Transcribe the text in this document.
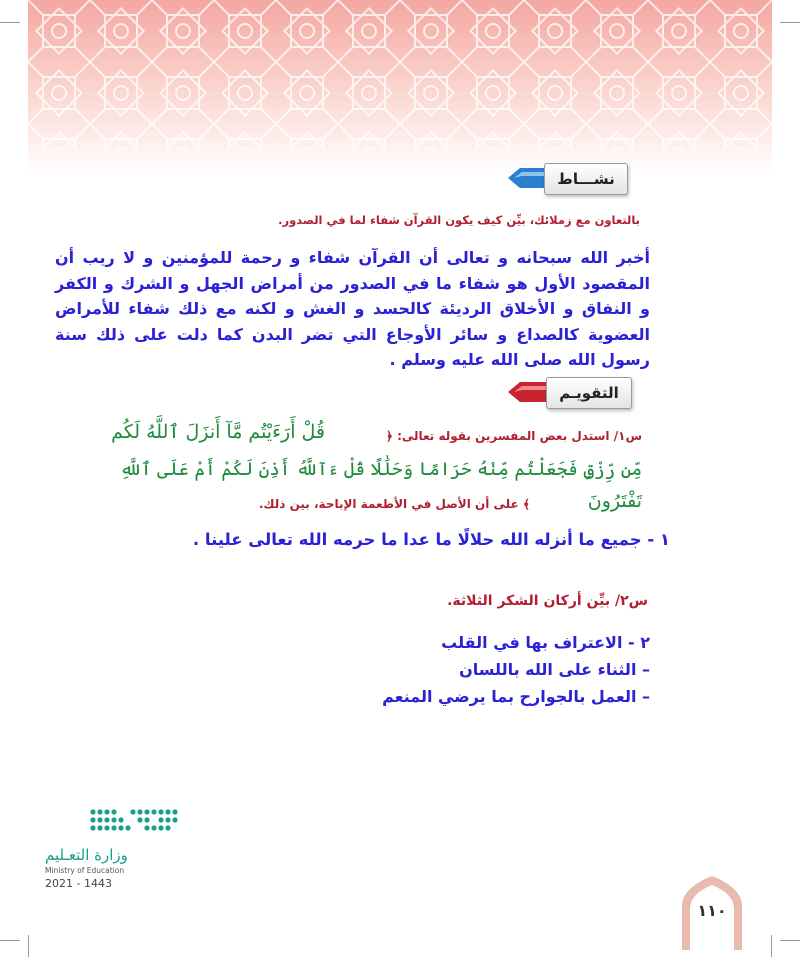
نشـــاط
بالتعاون مع زملائك، بيِّن كيف يكون القرآن شفاء لما في الصدور.
أخبر الله سبحانه و تعالى أن القرآن شفاء و رحمة للمؤمنين و لا ريب أن المقصود الأول هو شفاء ما في الصدور من أمراض الجهل و الشرك و الكفر و النفاق و الأخلاق الرديئة كالحسد و الغش و لكنه مع ذلك شفاء للأمراض العضوية كالصداع و سائر الأوجاع التي تضر البدن كما دلت على ذلك سنة رسول الله صلى الله عليه وسلم .
التقويـم
س١/ استدل بعض المفسرين بقوله تعالى: ﴿
قُلْ أَرَءَيْتُم مَّآ أَنزَلَ ٱللَّهُ لَكُم
مِّن رِّزْقٍ فَجَعَلْتُم مِّنْهُ حَرَامًا وَحَلَٰلًا قُلْ ءَآللَّهُ أَذِنَ لَكُمْ أَمْ عَلَى ٱللَّهِ
تَفْتَرُونَ
﴾ على أن الأصل في الأطعمة الإباحة، بين ذلك.
١ - جميع ما أنزله الله حلالًا ما عدا ما حرمه الله تعالى علينا .
س٢/ بيِّن أركان الشكر الثلاثة.
٢ - الاعتراف بها في القلب
– الثناء على الله باللسان
– العمل بالجوارح بما يرضي المنعم
وزارة التعـليم
Ministry of Education
2021 - 1443
١١٠
